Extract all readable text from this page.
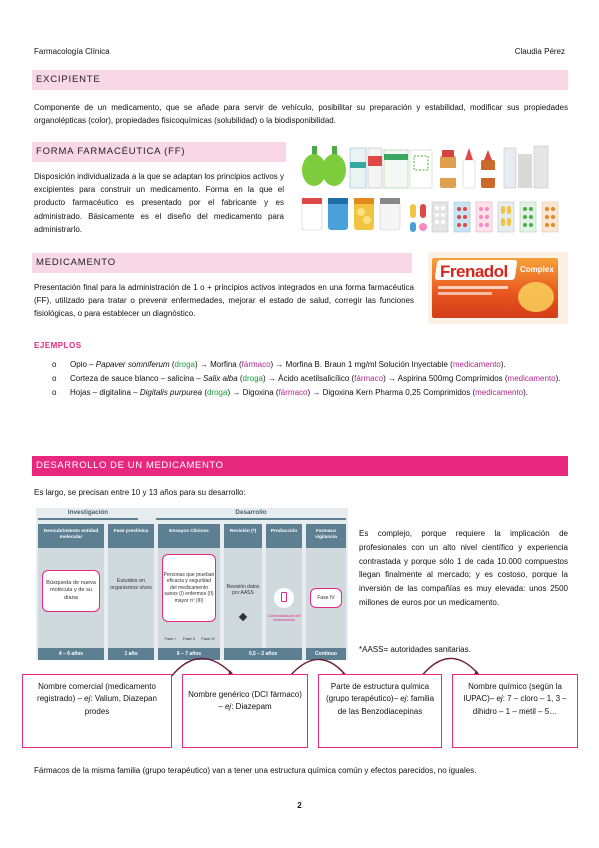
Farmacología Clínica	Claudia Pérez
EXCIPIENTE
Componente de un medicamento, que se añade para servir de vehículo, posibilitar su preparación y estabilidad, modificar sus propiedades organolépticas (color), propiedades fisicoquímicas (solubilidad) o la biodisponibilidad.
FORMA FARMACÉUTICA (FF)
Disposición individualizada a la que se adaptan los principios activos y excipientes para construir un medicamento. Forma en la que el producto farmacéutico es presentado por el fabricante y es administrado. Básicamente es el diseño del medicamento para administrarlo.
MEDICAMENTO
Presentación final para la administración de 1 o + principios activos integrados en una forma farmacéutica (FF), utilizado para tratar o prevenir enfermedades, mejorar el estado de salud, corregir las funciones fisiológicas, o para establecer un diagnóstico.
Frenadol Complex
EJEMPLOS
o Opio – Papaver somniferum (droga) → Morfina (fármaco) → Morfina B. Braun 1 mg/ml Solución Inyectable (medicamento).
o Corteza de sauce blanco – salicina – Salix alba (droga) → Ácido acetilsalicílico (fármaco) → Aspirina 500mg Comprimidos (medicamento).
o Hojas – digitalina – Digitalis purpurea (droga) → Digoxina (fármaco) → Digoxina Kern Pharma 0,25 Comprimidos (medicamento).
DESARROLLO DE UN MEDICAMENTO
Es largo, se precisan entre 10 y 13 años para su desarrollo:
Investigación	Desarrollo
Descubrimiento entidad molecular
Búsqueda de nueva molécula y de su diana
4 – 6 años
Fase preclínica
Estudios en organismos vivos
1 año
Ensayos Clínicos
Personas que prueban eficacia y seguridad del medicamento sanos (I) enfermos (II) mayor nº (III)
Fase I	Fase II	Fase III
6 – 7 años
Revisión (*)
Revisión datos por AASS
Producción
Comercialización del medicamento
0,5 – 2 años
Farmaco vigilancia
Fase IV
Continuo
Es complejo, porque requiere la implicación de profesionales con un alto nivel científico y experiencia contrastada y porque sólo 1 de cada 10.000 compuestos llegan finalmente al mercado; y es costoso, porque la inversión de las compañías es muy elevada: unos 2500 millones de euros por un medicamento.
*AASS= autoridades sanitarias.
Nombre comercial (medicamento registrado) – ej: Valium, Diazepan prodes
Nombre genérico (DCI fármaco) – ej: Diazepam
Parte de estructura química (grupo terapéutico)– ej: familia de las Benzodiacepinas
Nombre químico (según la IUPAC)– ej: 7 – cloro – 1, 3 – dihidro – 1 – metil – 5…
Fármacos de la misma familia (grupo terapéutico) van a tener una estructura química común y efectos parecidos, no iguales.
2
